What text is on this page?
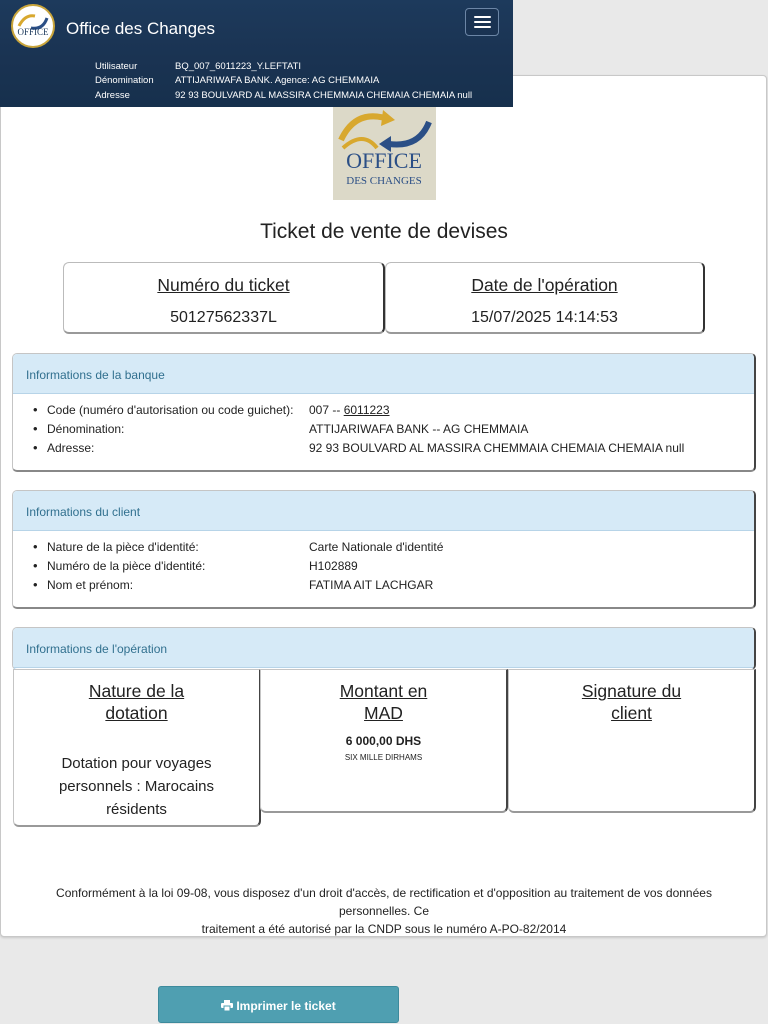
OFFICE Office des Changes
Utilisateur	BQ_007_6011223_Y.LEFTATI
Dénomination	ATTIJARIWAFA BANK. Agence: AG CHEMMAIA
Adresse	92 93 BOULVARD AL MASSIRA CHEMMAIA CHEMAIA CHEMAIA null
OFFICE
DES CHANGES
Ticket de vente de devises
Numéro du ticket
50127562337L
Date de l'opération
15/07/2025 14:14:53
Informations de la banque
• Code (numéro d'autorisation ou code guichet): 007 -- 6011223
• Dénomination:	ATTIJARIWAFA BANK -- AG CHEMMAIA
• Adresse:	92 93 BOULVARD AL MASSIRA CHEMMAIA CHEMAIA CHEMAIA null
Informations du client
• Nature de la pièce d'identité:	Carte Nationale d'identité
• Numéro de la pièce d'identité:	H102889
• Nom et prénom:	FATIMA AIT LACHGAR
Informations de l'opération
Nature de la
dotation
Dotation pour voyages
personnels : Marocains
résidents
Montant en
MAD
6 000,00 DHS
SIX MILLE DIRHAMS
Signature du
client
Conformément à la loi 09-08, vous disposez d'un droit d'accès, de rectification et d'opposition au traitement de vos données personnelles. Ce
traitement a été autorisé par la CNDP sous le numéro A-PO-82/2014
Imprimer le ticket
